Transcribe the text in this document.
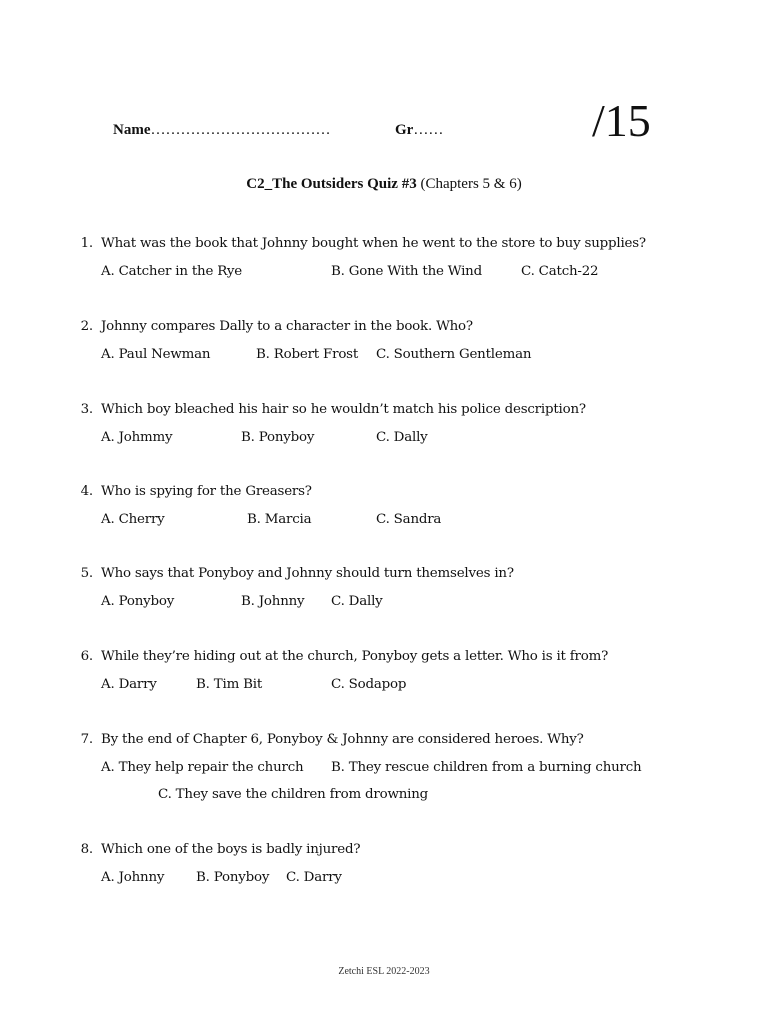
Name………………………………	Gr……	/15
C2_The Outsiders Quiz #3 (Chapters 5 & 6)
1. What was the book that Johnny bought when he went to the store to buy supplies?
A. Catcher in the Rye	B. Gone With the Wind	C. Catch-22
2. Johnny compares Dally to a character in the book. Who?
A. Paul Newman	B. Robert Frost C. Southern Gentleman
3. Which boy bleached his hair so he wouldn’t match his police description?
A. Johmmy	B. Ponyboy	C. Dally
4. Who is spying for the Greasers?
A. Cherry	B. Marcia	C. Sandra
5. Who says that Ponyboy and Johnny should turn themselves in?
A. Ponyboy	B. Johnny C. Dally
6. While they’re hiding out at the church, Ponyboy gets a letter. Who is it from?
A. Darry	B. Tim Bit	C. Sodapop
7. By the end of Chapter 6, Ponyboy & Johnny are considered heroes. Why?
A. They help repair the church B. They rescue children from a burning church
C. They save the children from drowning
8. Which one of the boys is badly injured?
A. Johnny B. Ponyboy C. Darry
Zetchi ESL 2022-2023
